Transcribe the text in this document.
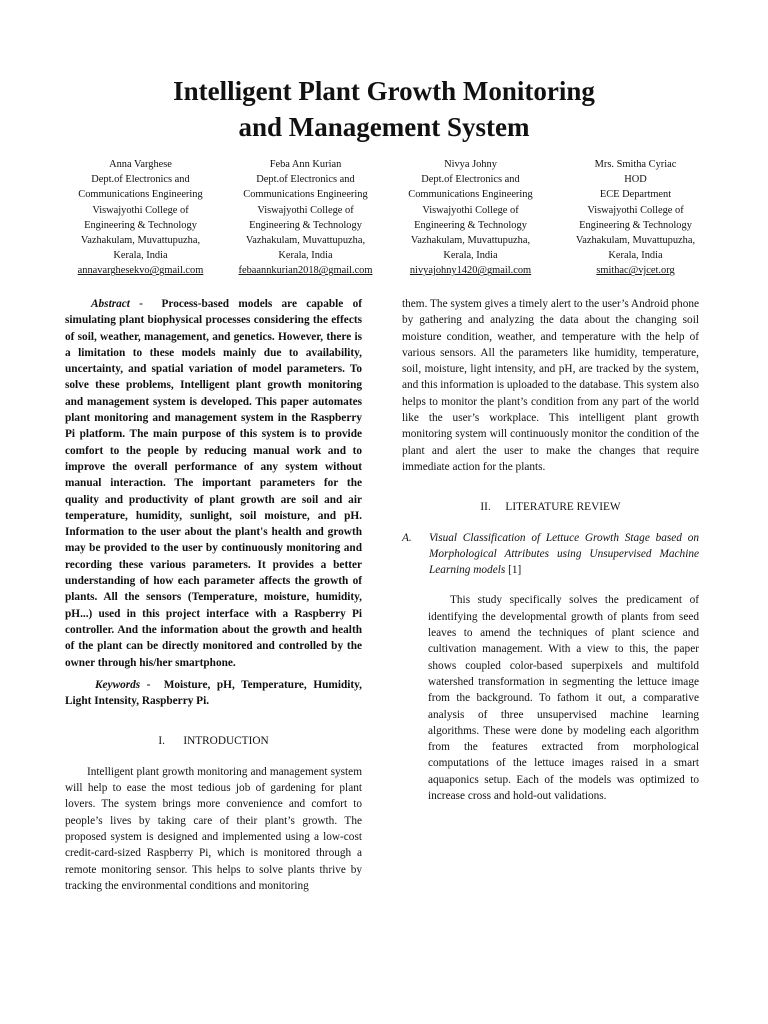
Intelligent Plant Growth Monitoring
and Management System
Anna Varghese
Dept.of Electronics and
Communications Engineering
Viswajyothi College of
Engineering & Technology
Vazhakulam, Muvattupuzha,
Kerala, India
annavarghesekvo@gmail.com
Feba Ann Kurian
Dept.of Electronics and
Communications Engineering
Viswajyothi College of
Engineering & Technology
Vazhakulam, Muvattupuzha,
Kerala, India
febaannkurian2018@gmail.com
Nivya Johny
Dept.of Electronics and
Communications Engineering
Viswajyothi College of
Engineering & Technology
Vazhakulam, Muvattupuzha,
Kerala, India
nivyajohny1420@gmail.com
Mrs. Smitha Cyriac
HOD
ECE Department
Viswajyothi College of
Engineering & Technology
Vazhakulam, Muvattupuzha,
Kerala, India
smithac@vjcet.org

Abstract - Process-based models are capable of simulating plant biophysical processes considering the effects of soil, weather, management, and genetics. However, there is a limitation to these models mainly due to availability, uncertainty, and spatial variation of model parameters. To solve these problems, Intelligent plant growth monitoring and management system is developed. This paper automates plant monitoring and management system in the Raspberry Pi platform. The main purpose of this system is to provide comfort to the people by reducing manual work and to improve the overall performance of any system without manual interaction. The important parameters for the quality and productivity of plant growth are soil and air temperature, humidity, sunlight, soil moisture, and pH. Information to the user about the plant's health and growth may be provided to the user by continuously monitoring and recording these various parameters. It provides a better understanding of how each parameter affects the growth of plants. All the sensors (Temperature, moisture, humidity, pH...) used in this project interface with a Raspberry Pi controller. And the information about the growth and health of the plant can be directly monitored and controlled by the owner through his/her smartphone.

Keywords - Moisture, pH, Temperature, Humidity, Light Intensity, Raspberry Pi.

I. INTRODUCTION

Intelligent plant growth monitoring and management system will help to ease the most tedious job of gardening for plant lovers. The system brings more convenience and comfort to people’s lives by taking care of their plant’s growth. The proposed system is designed and implemented using a low-cost credit-card-sized Raspberry Pi, which is monitored through a remote monitoring sensor. This helps to solve plants thrive by tracking the environmental conditions and monitoring

them. The system gives a timely alert to the user’s Android phone by gathering and analyzing the data about the changing soil moisture condition, weather, and temperature with the help of various sensors. All the parameters like humidity, temperature, soil, moisture, light intensity, and pH, are tracked by the system, and this information is uploaded to the database. This system also helps to monitor the plant’s condition from any part of the world like the user’s workplace. This intelligent plant growth monitoring system will continuously monitor the condition of the plant and alert the user to make the changes that require immediate action for the plants.

II. LITERATURE REVIEW
A.	Visual Classification of Lettuce Growth Stage based on Morphological Attributes using Unsupervised Machine Learning models [1]

This study specifically solves the predicament of identifying the developmental growth of plants from seed leaves to amend the techniques of plant science and cultivation management. With a view to this, the paper shows coupled color-based superpixels and multifold watershed transformation in segmenting the lettuce image from the background. To fathom it out, a comparative analysis of three unsupervised machine learning algorithms. These were done by modeling each algorithm from the features extracted from morphological computations of the lettuce images raised in a smart aquaponics setup. Each of the models was optimized to increase cross and hold-out validations.
